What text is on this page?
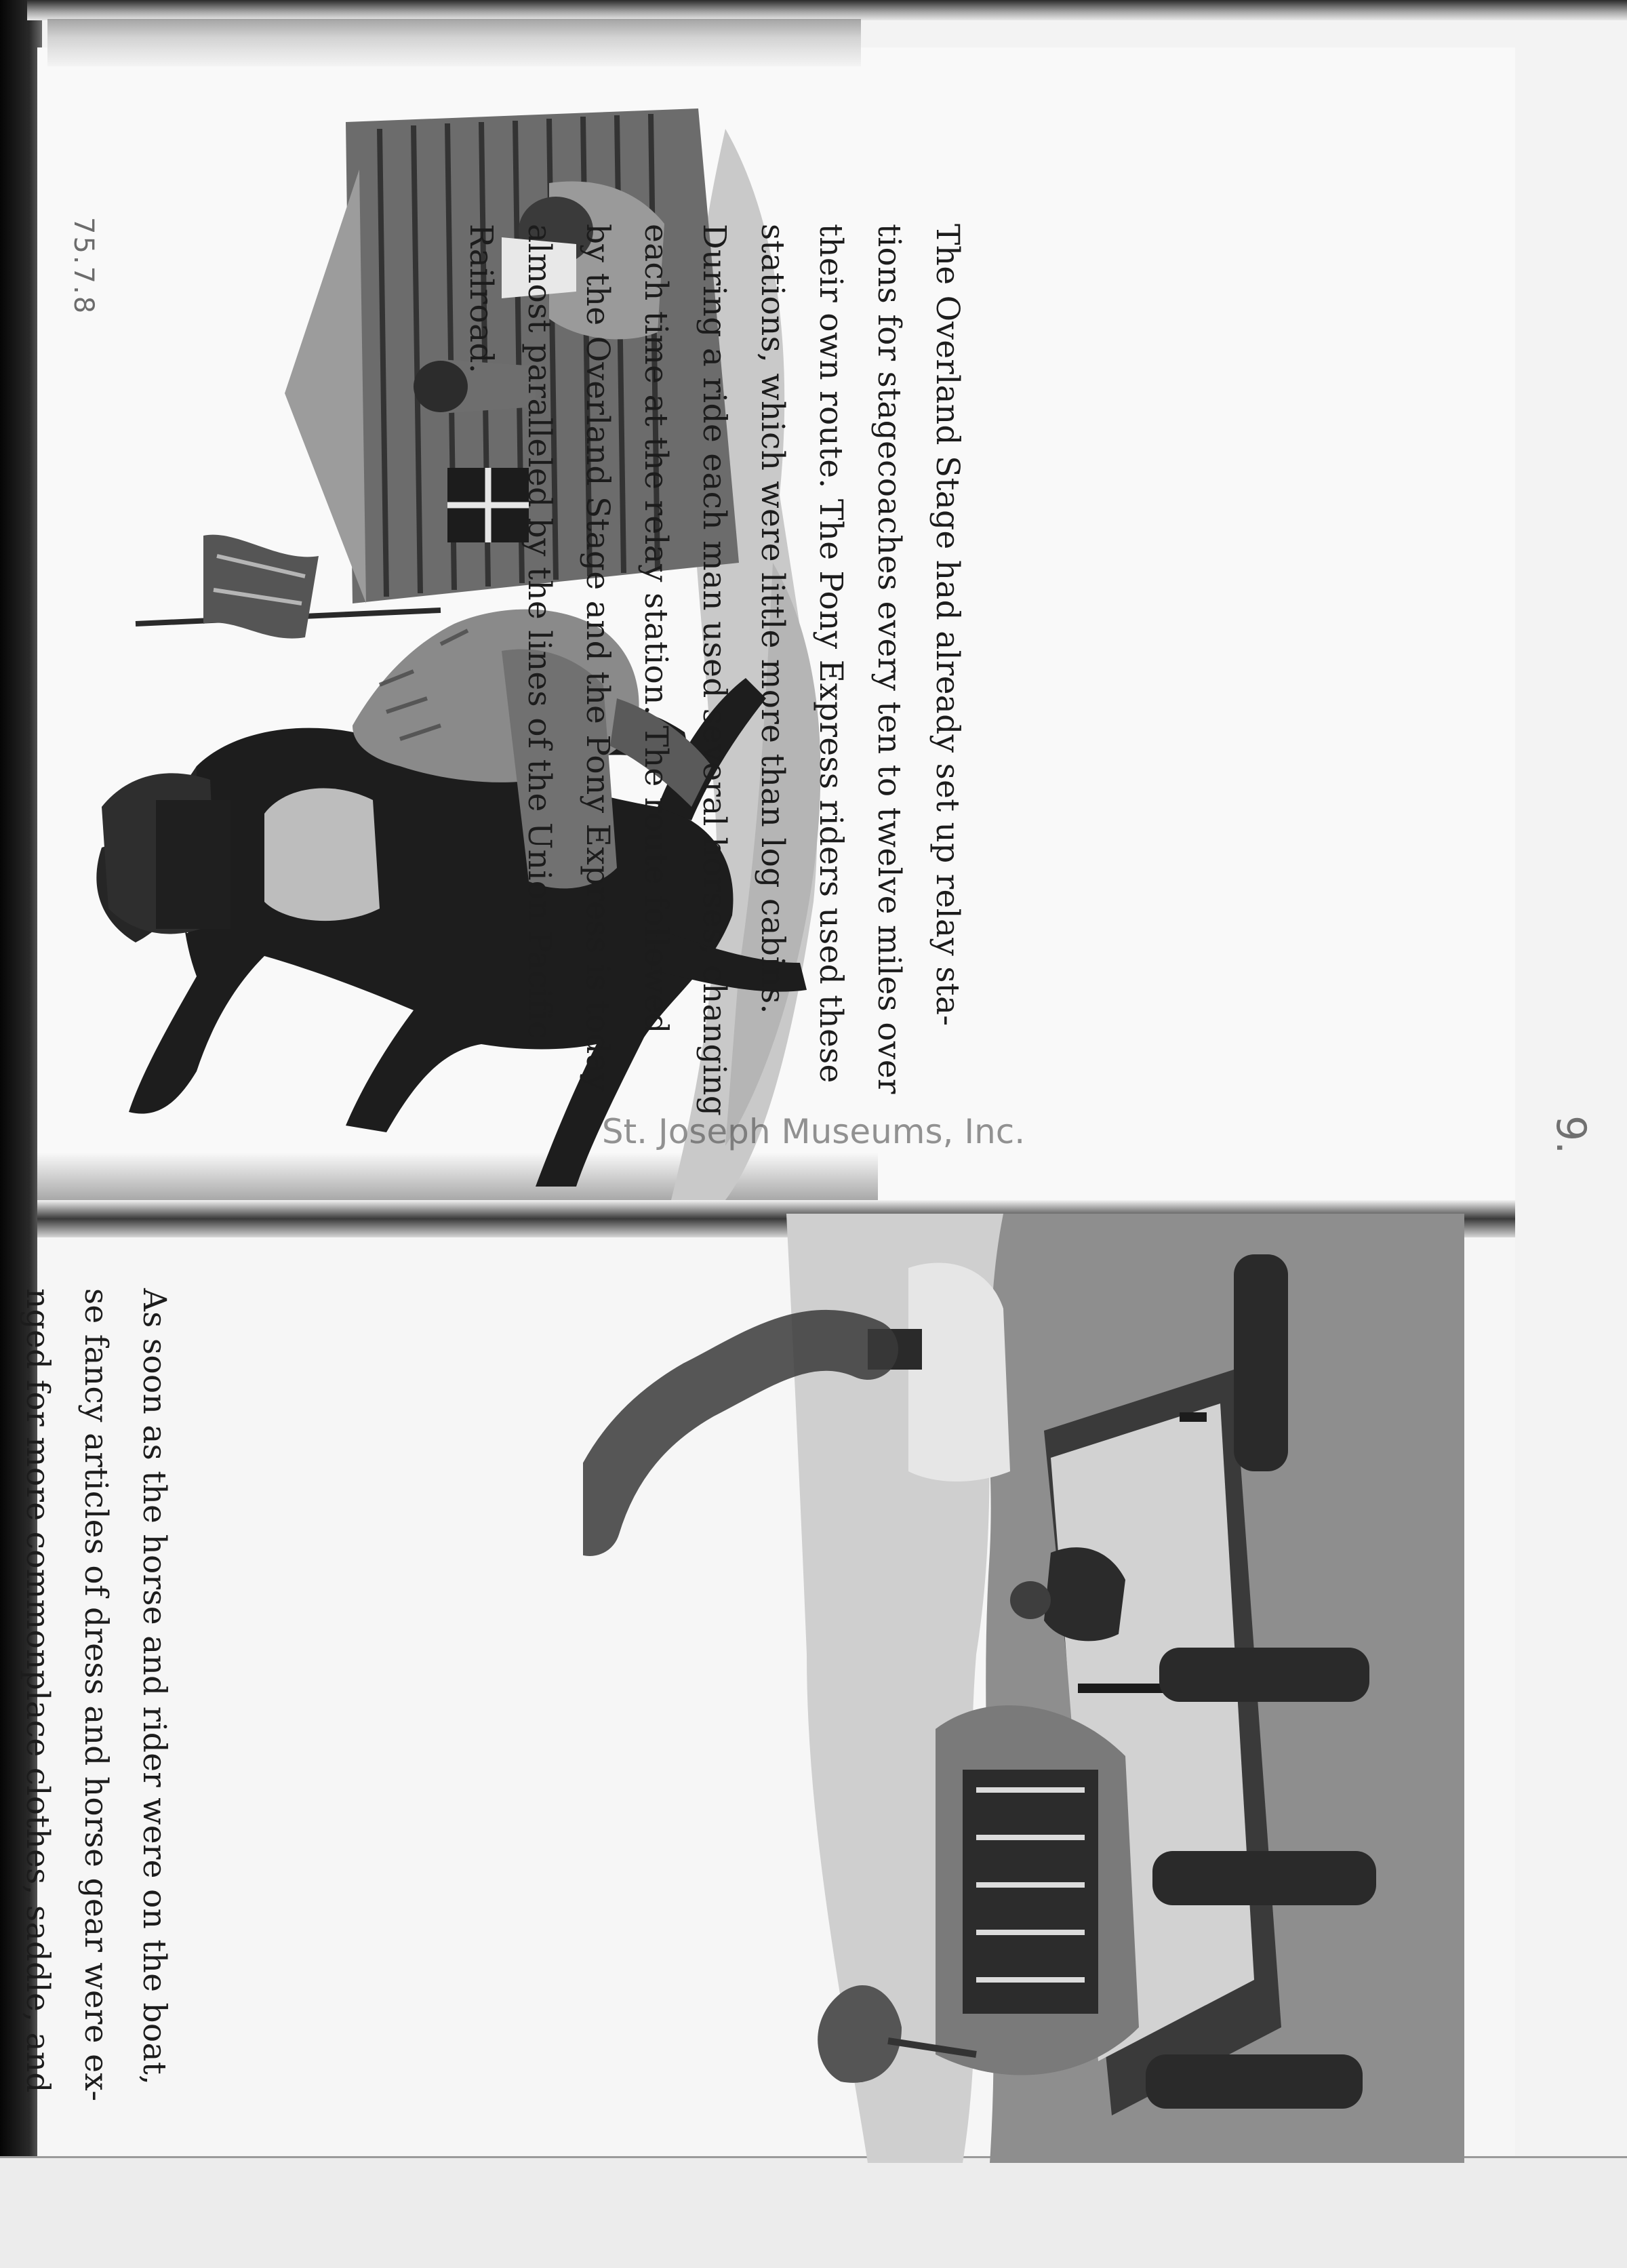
The Overland Stage had already set up relay sta-
tions for stagecoaches every ten to twelve miles over
their own route. The Pony Express riders used these
stations, which were little more than log cabins.
During a ride each man used several horses, changing
each time at the relay station. The route followed
by the Overland Stage and the Pony Express is today
almost paralleled by the lines of the Union Pacific
Railroad.
As soon as the horse and rider were on the boat,
se fancy articles of dress and horse gear were ex-
nged for more commonplace clothes, saddle, and
75.7.8
9.
St. Joseph Museums, Inc.
